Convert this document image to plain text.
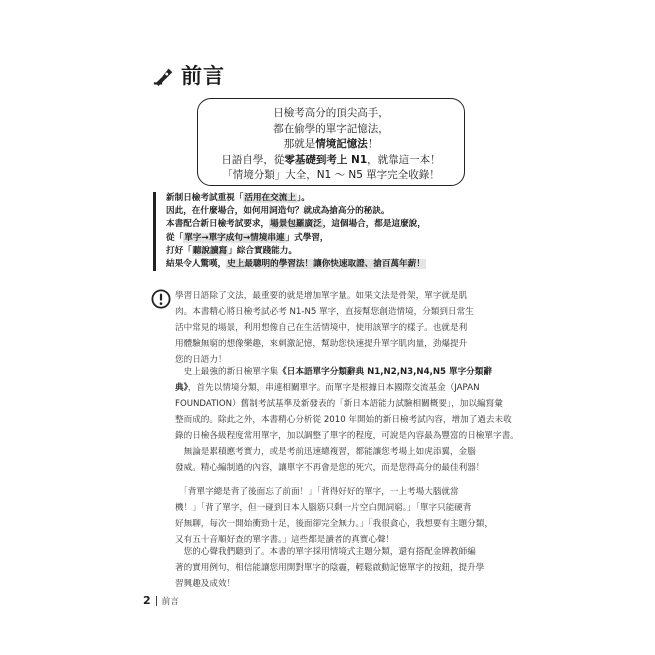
前言
日檢考高分的頂尖高手，
都在偷學的單字記憶法，
那就是情境記憶法！
日語自學，從零基礎到考上 N1，就靠這一本！
「情境分類」大全，N1 ～ N5 單字完全收錄！
新制日檢考試重視「活用在交流上」。
因此，在什麼場合，如何用詞造句？就成為搶高分的秘訣。
本書配合新日檢考試要求，場景包羅廣泛，這個場合，都是這麼說，
從「單字→單字成句→情境串連」式學習，
打好「聽說讀寫」綜合實踐能力。
結果令人驚嘆，史上最聰明的學習法！讓你快速取證、搶百萬年薪！
學習日語除了文法，最重要的就是增加單字量。如果文法是骨架，單字就是肌
肉。本書精心將日檢考試必考 N1-N5 單字，直接幫您創造情境，分類到日常生
活中常見的場景，利用想像自己在生活情境中，使用該單字的樣子。也就是利
用體驗無窮的想像樂趣，來刺激記憶，幫助您快速提升單字肌肉量，劲爆提升
您的日語力！
　史上最強的新日檢單字集《日本語單字分類辭典 N1,N2,N3,N4,N5 單字分類辭
典》，首先以情境分類，串連相關單字。而單字是根據日本國際交流基金（JAPAN
FOUNDATION）舊制考試基準及新發表的「新日本語能力試驗相關概要」，加以編寫彙
整而成的。除此之外，本書精心分析從 2010 年開始的新日檢考試內容，增加了過去未收
錄的日檢各級程度常用單字，加以調整了單字的程度，可說是內容最為豐富的日檢單字書。
　無論是累積應考實力，或是考前迅速總複習，都能讓您考場上如虎添翼，金腦
發威。精心編制過的內容，讓單字不再會是您的死穴，而是您得高分的最佳利器！
　「背單字總是背了後面忘了前面！」「背得好好的單字，一上考場大腦就當
機！」「背了單字，但一碰到日本人腦筋只剩一片空白閒詞窮。」「單字只能硬背
好無聊，每次一開始衝勁十足，後面卻完全無力。」「我很貪心，我想要有主題分類，
又有五十音順好查的單字書。」這些都是讀者的真實心聲！
　您的心聲我們聽到了。本書的單字採用情境式主題分類，還有搭配金牌教師編
著的實用例句，相信能讓您用開對單字的陰霾，輕鬆啟動記憶單字的按鈕，提升學
習興趣及成效！
2 前言
